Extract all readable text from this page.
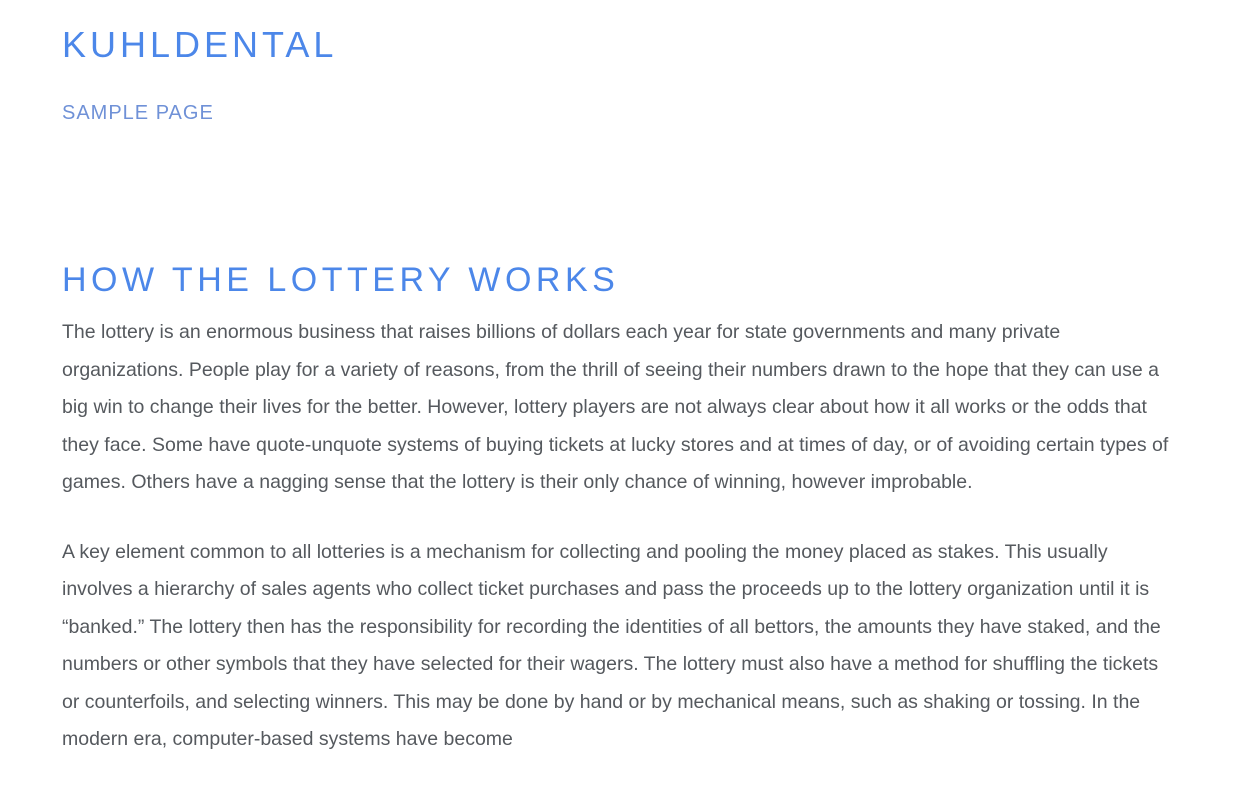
KUHLDENTAL
SAMPLE PAGE
HOW THE LOTTERY WORKS

The lottery is an enormous business that raises billions of dollars each year for state governments and many private organizations. People play for a variety of reasons, from the thrill of seeing their numbers drawn to the hope that they can use a big win to change their lives for the better. However, lottery players are not always clear about how it all works or the odds that they face. Some have quote-unquote systems of buying tickets at lucky stores and at times of day, or of avoiding certain types of games. Others have a nagging sense that the lottery is their only chance of winning, however improbable.

A key element common to all lotteries is a mechanism for collecting and pooling the money placed as stakes. This usually involves a hierarchy of sales agents who collect ticket purchases and pass the proceeds up to the lottery organization until it is “banked.” The lottery then has the responsibility for recording the identities of all bettors, the amounts they have staked, and the numbers or other symbols that they have selected for their wagers. The lottery must also have a method for shuffling the tickets or counterfoils, and selecting winners. This may be done by hand or by mechanical means, such as shaking or tossing. In the modern era, computer-based systems have become
